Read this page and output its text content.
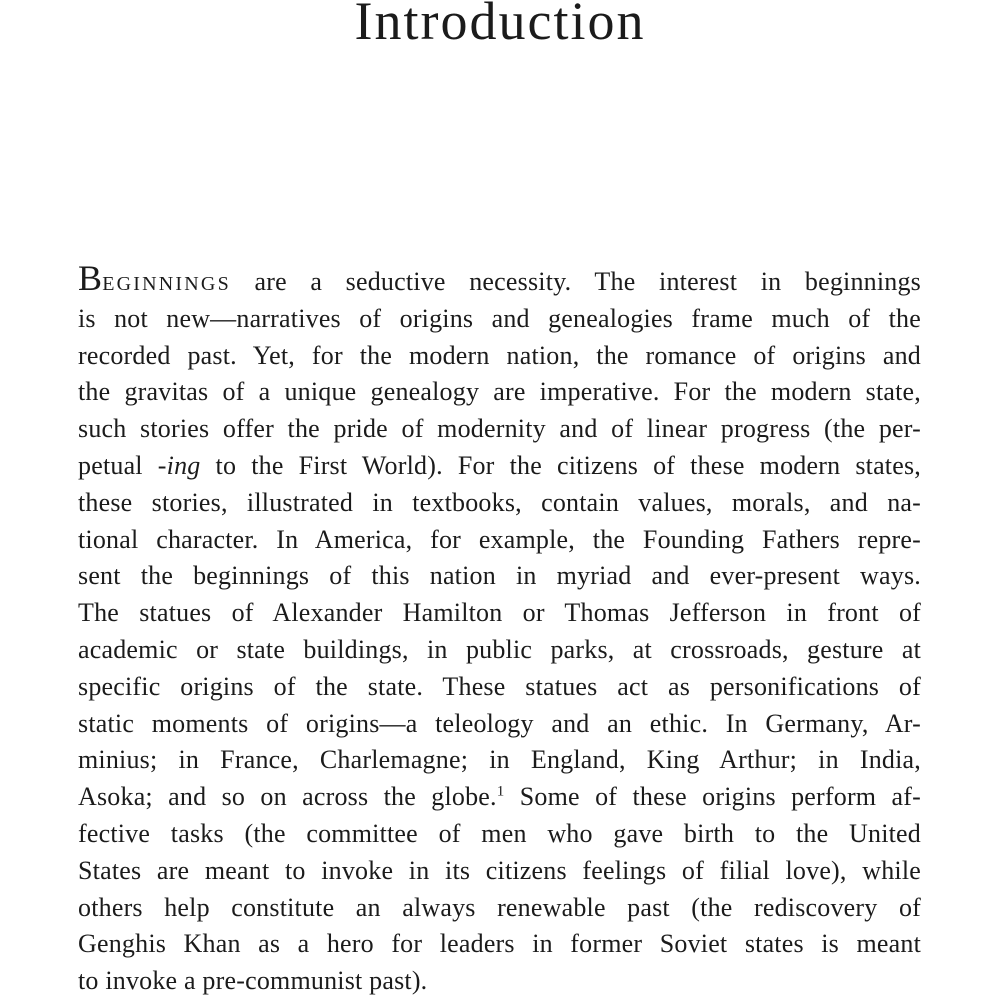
Introduction
BEGINNINGS are a seductive necessity. The interest in beginnings
is not new—narratives of origins and genealogies frame much of the
recorded past. Yet, for the modern nation, the romance of origins and
the gravitas of a unique genealogy are imperative. For the modern state,
such stories offer the pride of modernity and of linear progress (the per-
petual -ing to the First World). For the citizens of these modern states,
these stories, illustrated in textbooks, contain values, morals, and na-
tional character. In America, for example, the Founding Fathers repre-
sent the beginnings of this nation in myriad and ever-present ways.
The statues of Alexander Hamilton or Thomas Jefferson in front of
academic or state buildings, in public parks, at crossroads, gesture at
specific origins of the state. These statues act as personifications of
static moments of origins—a teleology and an ethic. In Germany, Ar-
minius; in France, Charlemagne; in England, King Arthur; in India,
Asoka; and so on across the globe.$^1$ Some of these origins perform af-
fective tasks (the committee of men who gave birth to the United
States are meant to invoke in its citizens feelings of filial love), while
others help constitute an always renewable past (the rediscovery of
Genghis Khan as a hero for leaders in former Soviet states is meant
to invoke a pre-communist past).
